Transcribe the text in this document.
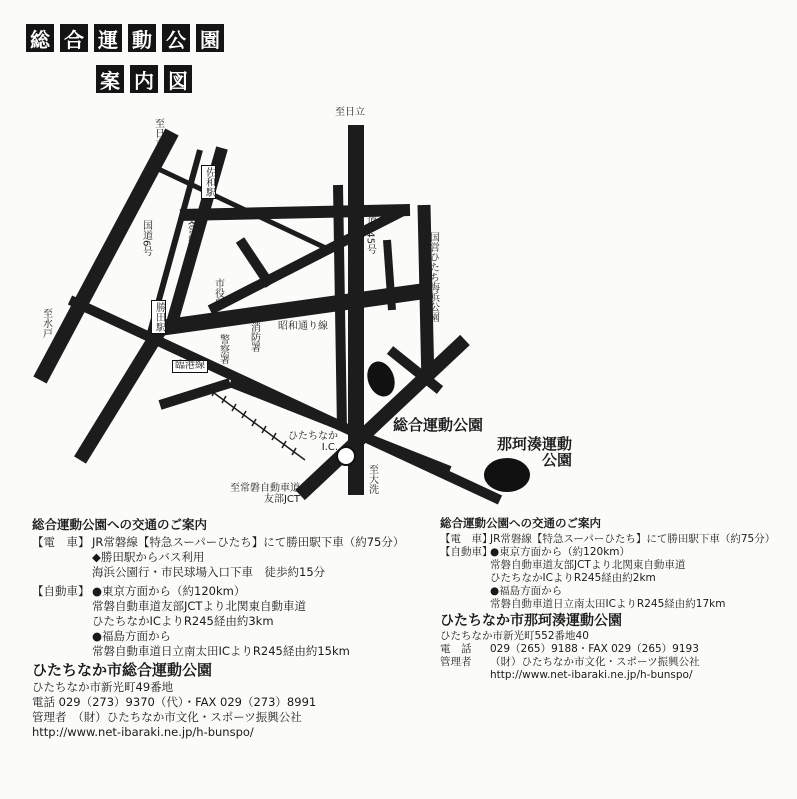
総 合 運 動 公 園
案 内 図
至日立
至日立
佐和駅
JR常磐線
国道6号
勝田駅
市役所
警察署 消防署 昭和通り線
国道245号
国営ひたち海浜公園
至水戸
臨港線
ひたちなか I.C.
至大洗
至常磐自動車道 友部JCT
総合運動公園
那珂湊運動 公園
総合運動公園への交通のご案内
【電　車】 JR常磐線【特急スーパーひたち】にて勝田駅下車（約75分）
◆勝田駅からバス利用
海浜公園行・市民球場入口下車　徒歩約15分
【自動車】 ●東京方面から（約120km）
常磐自動車道友部JCTより北関東自動車道
ひたちなかICよりR245経由約3km
●福島方面から
常磐自動車道日立南太田ICよりR245経由約15km
ひたちなか市総合運動公園
ひたちなか市新光町49番地
電話 029（273）9370（代）・FAX 029（273）8991
管理者　（財）ひたちなか市文化・スポーツ振興公社
http://www.net-ibaraki.ne.jp/h-bunspo/
総合運動公園への交通のご案内
【電　車】
JR常磐線【特急スーパーひたち】にて勝田駅下車（約75分）
【自動車】
●東京方面から（約120km）
常磐自動車道友部JCTより北関東自動車道
ひたちなかICよりR245経由約2km
●福島方面から
常磐自動車道日立南太田ICよりR245経由約17km
ひたちなか市那珂湊運動公園
ひたちなか市新光町552番地40
電　話	029（265）9188・FAX 029（265）9193
管理者	（財）ひたちなか市文化・スポーツ振興公社
http://www.net-ibaraki.ne.jp/h-bunspo/
